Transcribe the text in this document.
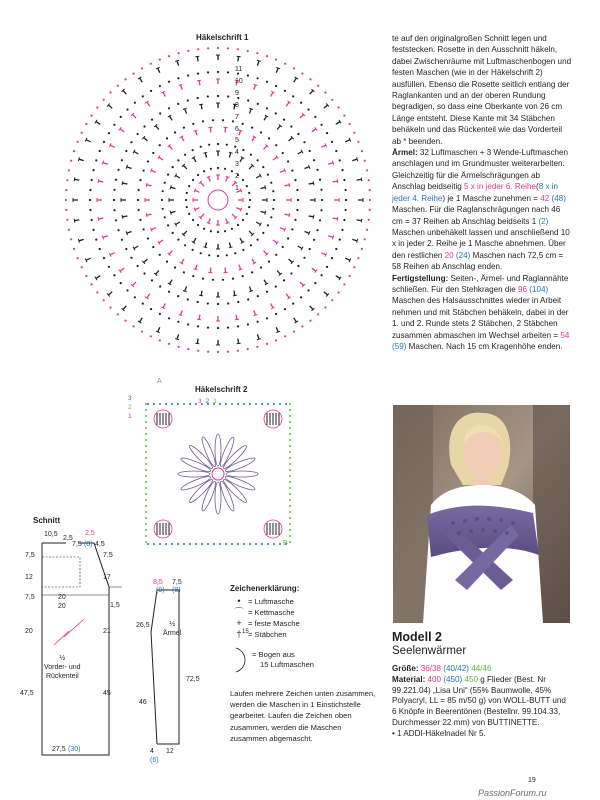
Häkelschrift 1
11
10
9
8
7
6
5
4
3
2
1
Häkelschrift 2
A
B
3
2
1
3 2 1
Schnitt
10,5
2,5
2,5
7,5 (8) 4,5
7,5
12
7,5	20
20
7,5
17
1,5
21
20
47,5	45
27,5 (30)
½
Vorder- und
Rückenteil
8,5
(9)
7,5
(8)
26,5
46
72,5
4
(6)
12
½
Ärmel
Zeichenerklärung:
• = Luftmasche
⌒ = Kettmasche
+ = feste Masche
† = Stäbchen
15
= Bogen aus
15 Luftmaschen
Laufen mehrere Zeichen unten zusammen, werden die Maschen in 1 Einstichstelle gearbeitet. Laufen die Zeichen oben zusammen, werden die Maschen zusammen abgemascht.

te auf den originalgroßen Schnitt legen und feststecken. Rosette in den Ausschnitt häkeln, dabei Zwischenräume mit Luftmaschenbogen und festen Maschen (wie in der Häkelschrift 2) ausfüllen. Ebenso die Rosette seitlich entlang der Raglankanten und an der oberen Rundung begradigen, so dass eine Oberkante von 26 cm Länge entsteht. Diese Kante mit 34 Stäbchen behäkeln und das Rückenteil wie das Vorderteil ab * beenden.

Ärmel: 32 Luftmaschen + 3 Wende-Luftmaschen anschlagen und im Grundmuster weiterarbeiten. Gleichzeitig für die Ärmelschrägungen ab Anschlag beidseitig 5 x in jeder 6. Reihe(8 x in jeder 4. Reihe) je 1 Masche zunehmen = 42 (48) Maschen. Für die Raglanschrägungen nach 46 cm = 37 Reihen ab Anschlag beidseits 1 (2) Maschen unbehäkelt lassen und anschließend 10 x in jeder 2. Reihe je 1 Masche abnehmen. Über den restlichen 20 (24) Maschen nach 72,5 cm = 58 Reihen ab Anschlag enden.

Fertigstellung: Seiten-, Ärmel- und Raglannähte schließen. Für den Stehkragen die 96 (104) Maschen des Halsausschnittes wieder in Arbeit nehmen und mit Stäbchen behäkeln, dabei in der 1. und 2. Runde stets 2 Stäbchen, 2 Stäbchen zusammen abmaschen im Wechsel arbeiten = 54 (59) Maschen. Nach 15 cm Kragenhöhe enden.

Modell 2
Seelenwärmer

Größe: 36/38 (40/42) 44/46

Material: 400 (450) 450 g Flieder (Best. Nr 99.221.04) „Lisa Uni“ (55% Baumwolle, 45% Polyacryl, LL = 85 m/50 g) von WOLL-BUTT und 6 Knöpfe in Beerentönen (Bestellnr. 99.104.33, Durchmesser 22 mm) von BUTTINETTE.

• 1 ADDI-Häkelnadel Nr 5.

19
PassionForum.ru
